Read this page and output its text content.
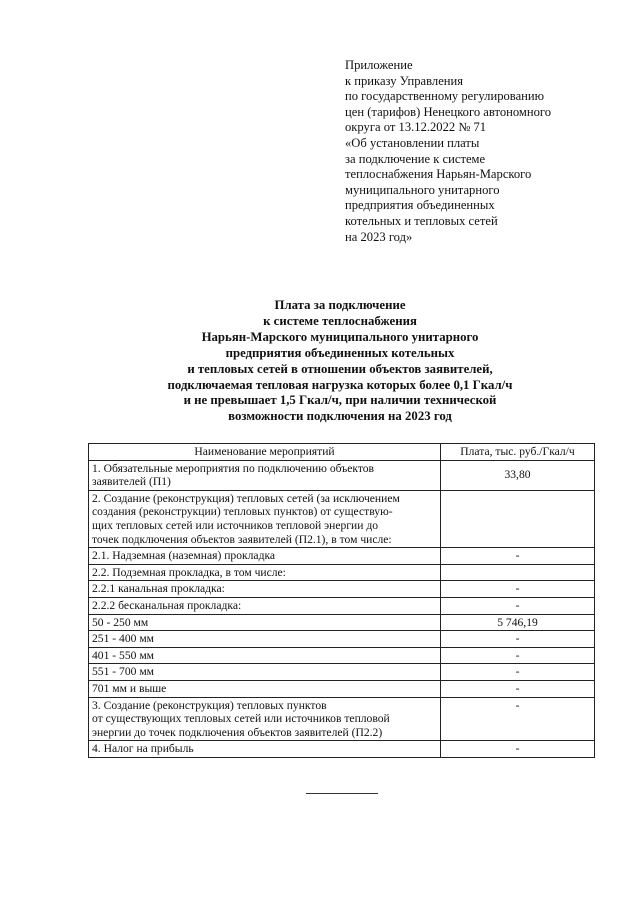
Приложение
к приказу Управления
по государственному регулированию
цен (тарифов) Ненецкого автономного
округа от 13.12.2022 № 71
«Об установлении платы
за подключение к системе
теплоснабжения Нарьян-Марского
муниципального унитарного
предприятия объединенных
котельных и тепловых сетей
на 2023 год»
Плата за подключение
к системе теплоснабжения
Нарьян-Марского муниципального унитарного
предприятия объединенных котельных
и тепловых сетей в отношении объектов заявителей,
подключаемая тепловая нагрузка которых более 0,1 Гкал/ч
и не превышает 1,5 Гкал/ч, при наличии технической
возможности подключения на 2023 год
Наименование мероприятий	Плата, тыс. руб./Гкал/ч

1. Обязательные мероприятия по подключению объектов
заявителей (П1)	33,80

2. Создание (реконструкция) тепловых сетей (за исключением
создания (реконструкции) тепловых пунктов) от существую-
щих тепловых сетей или источников тепловой энергии до
точек подключения объектов заявителей (П2.1), в том числе:	

2.1. Надземная (наземная) прокладка	-

2.2. Подземная прокладка, в том числе:	

2.2.1 канальная прокладка:	-

2.2.2 бесканальная прокладка:	-

50 - 250 мм	5 746,19

251 - 400 мм	-

401 - 550 мм	-

551 - 700 мм	-

701 мм и выше	-

3. Создание (реконструкция) тепловых пунктов
от существующих тепловых сетей или источников тепловой
энергии до точек подключения объектов заявителей (П2.2)	-

4. Налог на прибыль	-
